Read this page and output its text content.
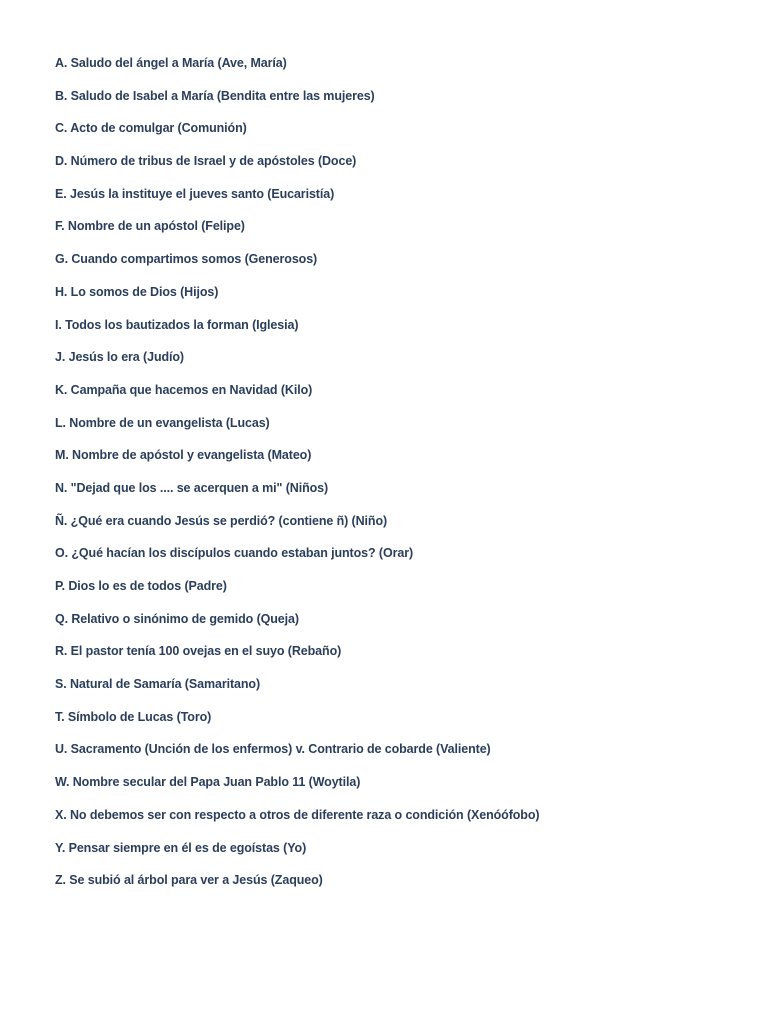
A. Saludo del ángel a María (Ave, María)
B. Saludo de Isabel a María (Bendita entre las mujeres)
C. Acto de comulgar (Comunión)
D. Número de tribus de Israel y de apóstoles (Doce)
E. Jesús la instituye el jueves santo (Eucaristía)
F. Nombre de un apóstol (Felipe)
G. Cuando compartimos somos (Generosos)
H. Lo somos de Dios (Hijos)
I. Todos los bautizados la forman (Iglesia)
J. Jesús lo era (Judío)
K. Campaña que hacemos en Navidad (Kilo)
L. Nombre de un evangelista (Lucas)
M. Nombre de apóstol y evangelista (Mateo)
N. "Dejad que los .... se acerquen a mi" (Niños)
Ñ. ¿Qué era cuando Jesús se perdió? (contiene ñ) (Niño)
O. ¿Qué hacían los discípulos cuando estaban juntos? (Orar)
P. Dios lo es de todos (Padre)
Q. Relativo o sinónimo de gemido (Queja)
R. El pastor tenía 100 ovejas en el suyo (Rebaño)
S. Natural de Samaría (Samaritano)
T. Símbolo de Lucas (Toro)
U. Sacramento (Unción de los enfermos) v. Contrario de cobarde (Valiente)
W. Nombre secular del Papa Juan Pablo 11 (Woytila)
X. No debemos ser con respecto a otros de diferente raza o condición (Xenóófobo)
Y. Pensar siempre en él es de egoístas (Yo)
Z. Se subió al árbol para ver a Jesús (Zaqueo)
